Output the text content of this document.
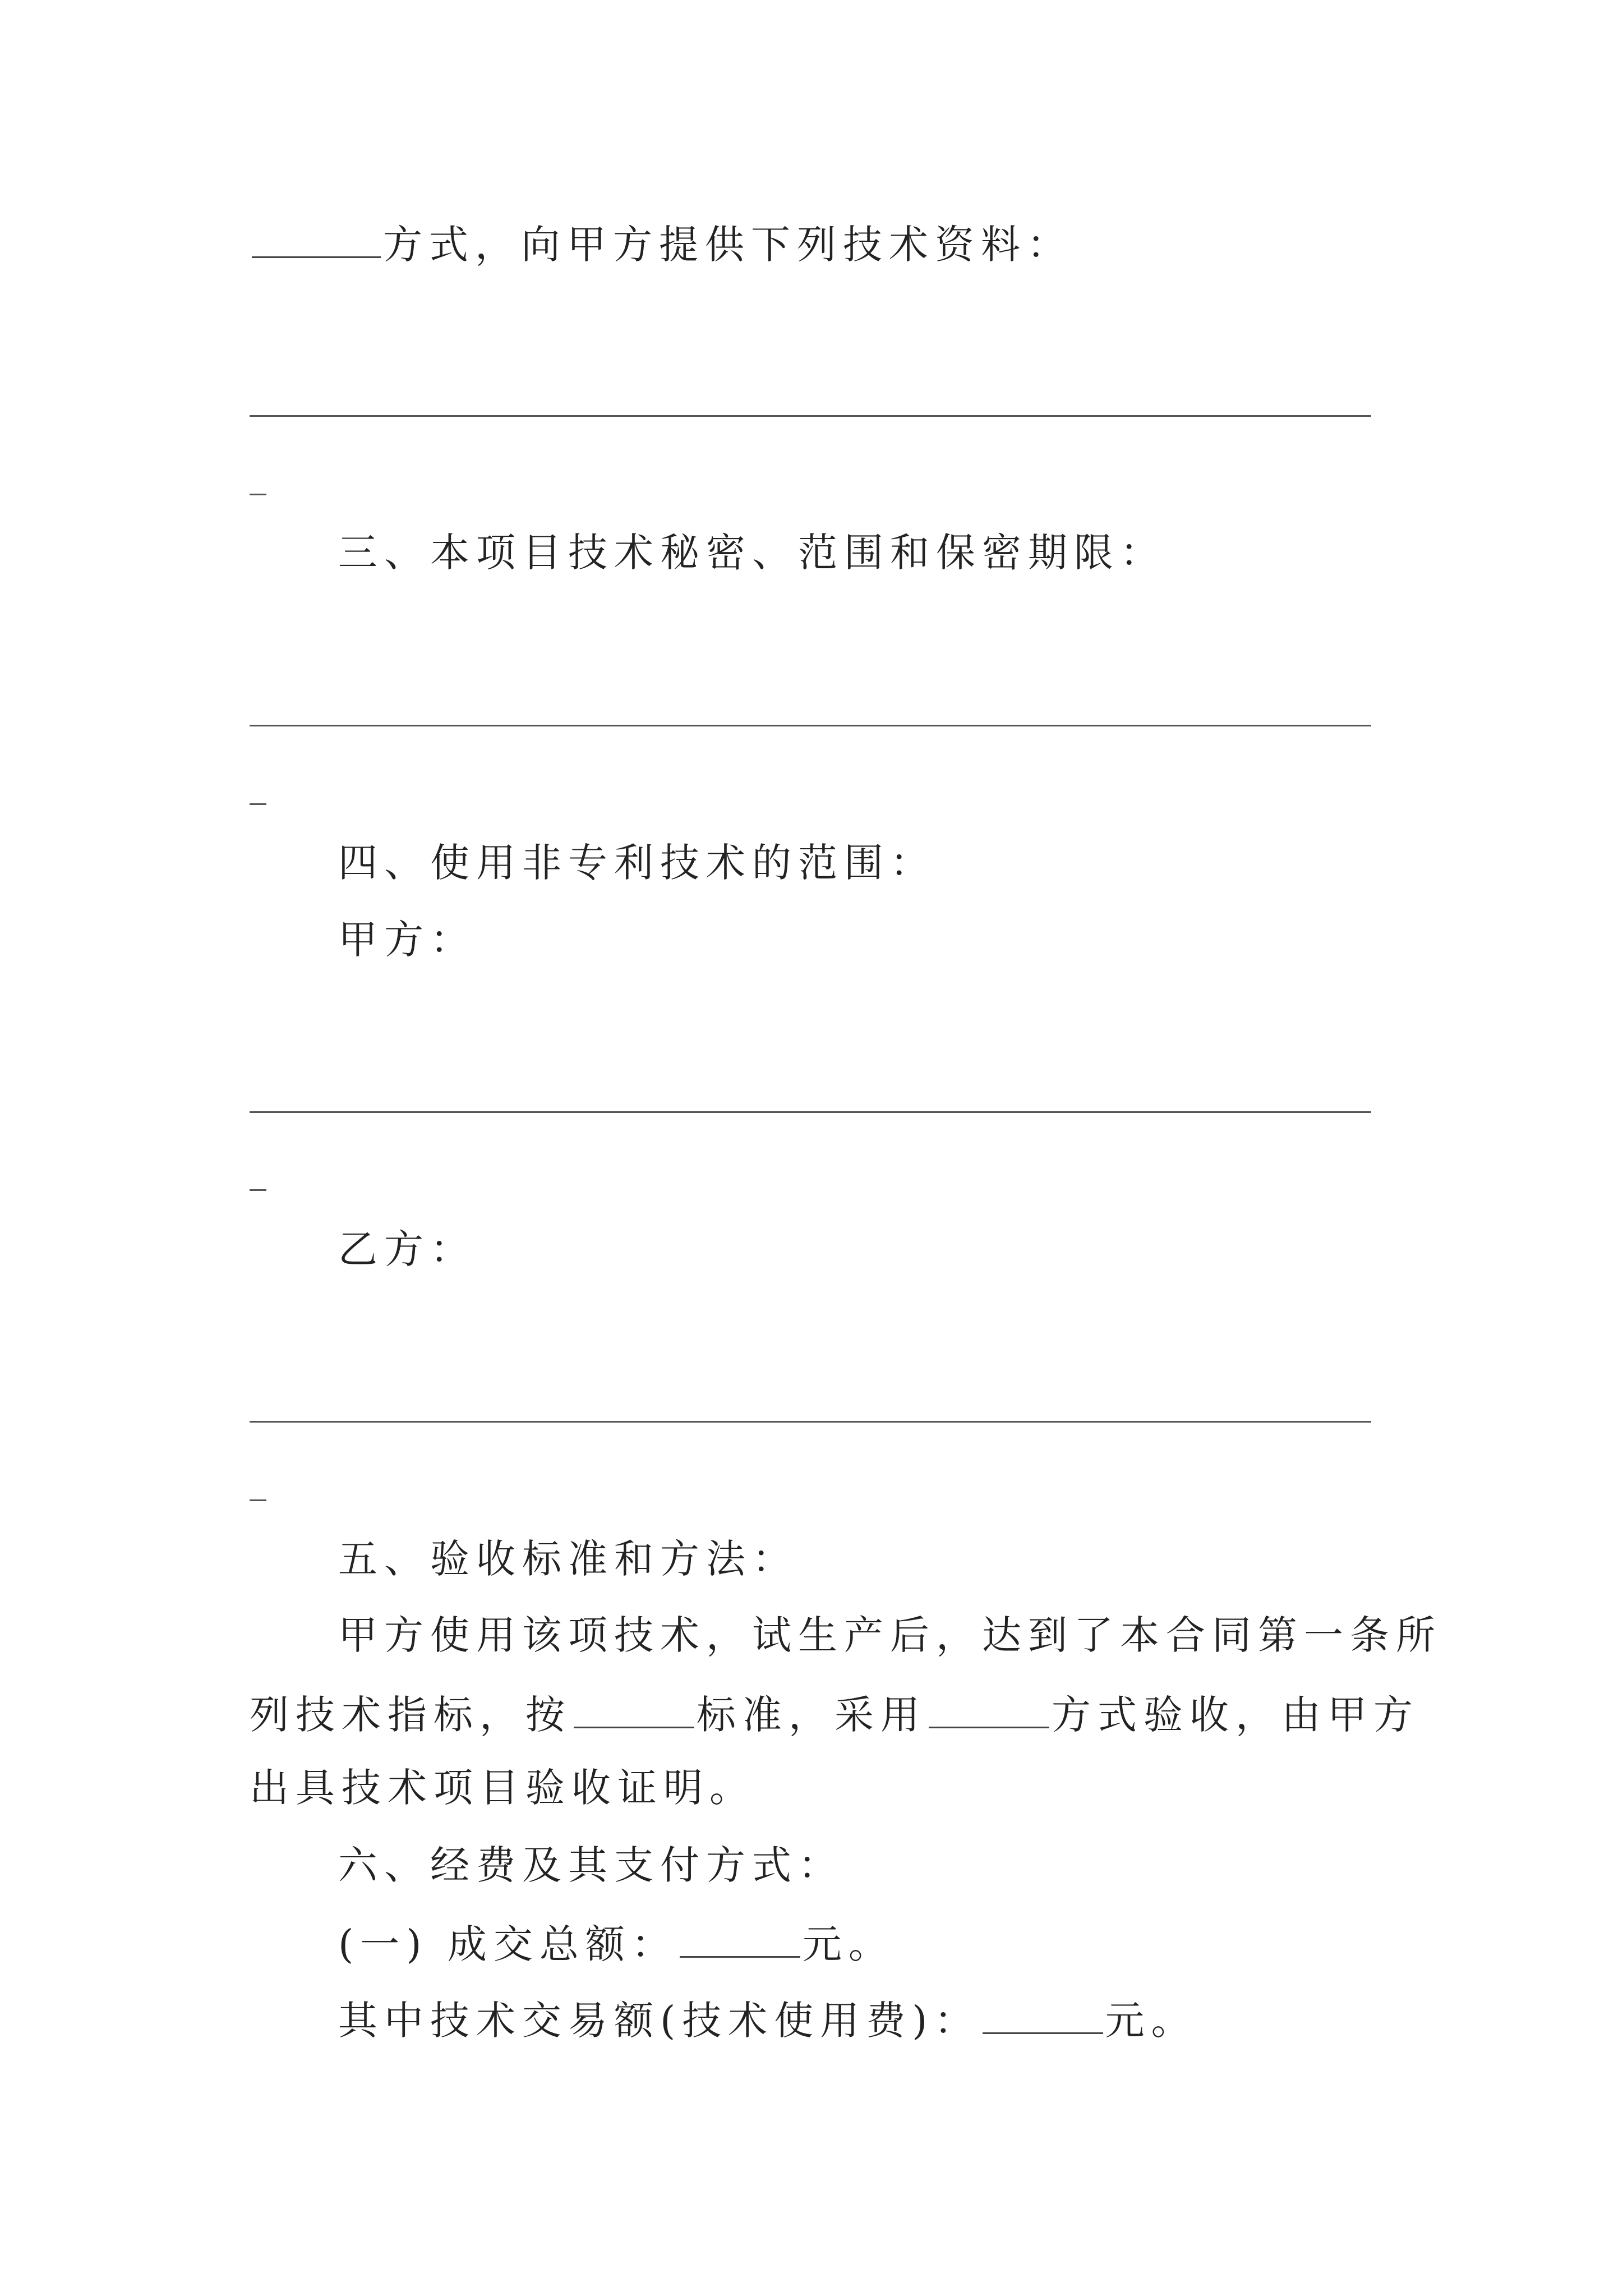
方式，向甲方提供下列技术资料：
三、本项目技术秘密、范围和保密期限：
四、使用非专利技术的范围：
甲方：
乙方：
五、验收标准和方法：
甲方使用该项技术，试生产后，达到了本合同第一条所
列技术指标，按	标准，采用	方式验收，由甲方
出具技术项目验收证明。
六、经费及其支付方式：
(一) 成交总额：	元。
其中技术交易额(技术使用费)：	元。
